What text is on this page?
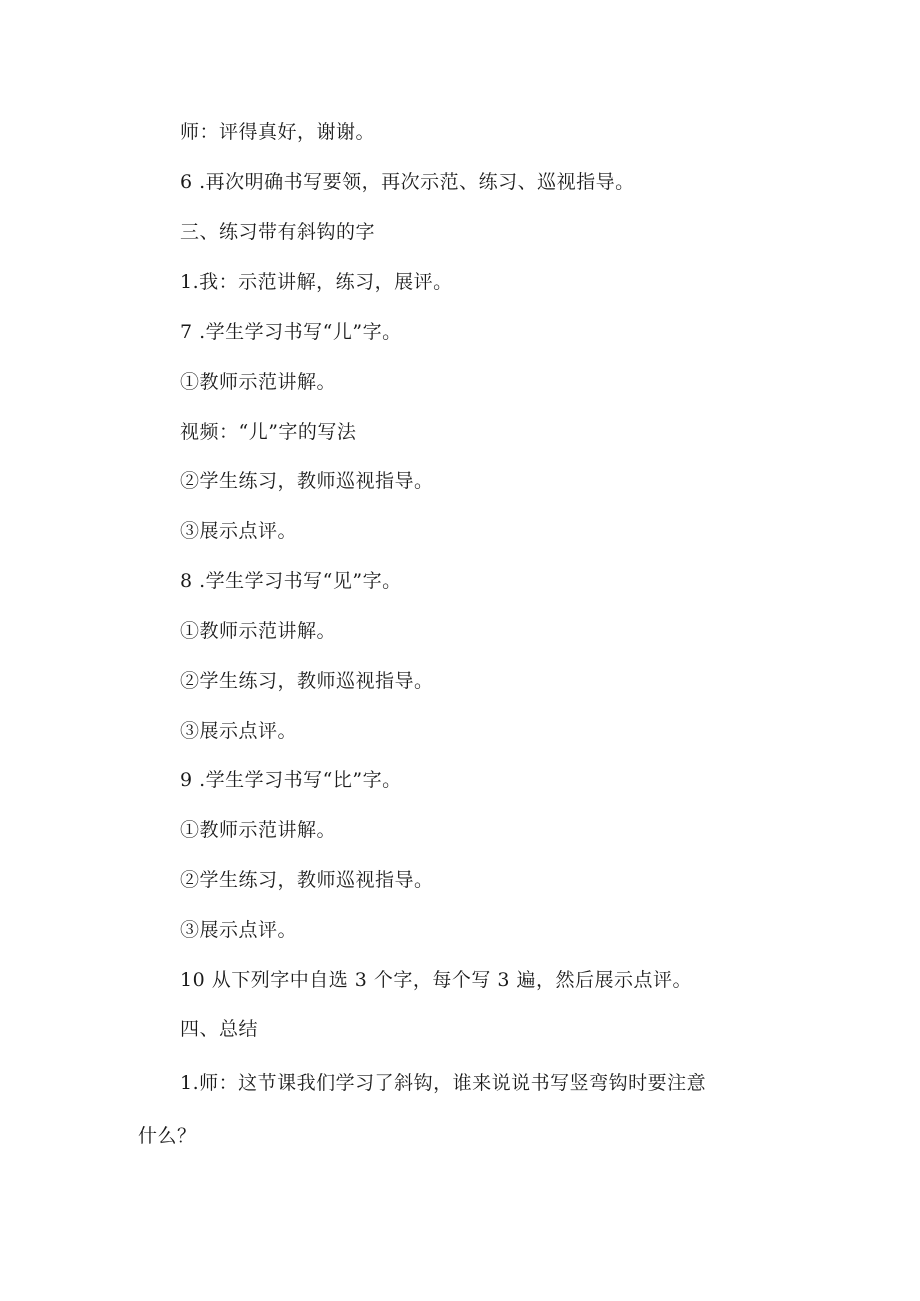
师：评得真好，谢谢。
6 .再次明确书写要领，再次示范、练习、巡视指导。
三、练习带有斜钩的字
1.我：示范讲解，练习，展评。
7 .学生学习书写“儿”字。
①教师示范讲解。
视频：“儿”字的写法
②学生练习，教师巡视指导。
③展示点评。
8 .学生学习书写“见”字。
①教师示范讲解。
②学生练习，教师巡视指导。
③展示点评。
9 .学生学习书写“比”字。
①教师示范讲解。
②学生练习，教师巡视指导。
③展示点评。
10 从下列字中自选 3 个字，每个写 3 遍，然后展示点评。
四、总结
1.师：这节课我们学习了斜钩，谁来说说书写竖弯钩时要注意
什么？
